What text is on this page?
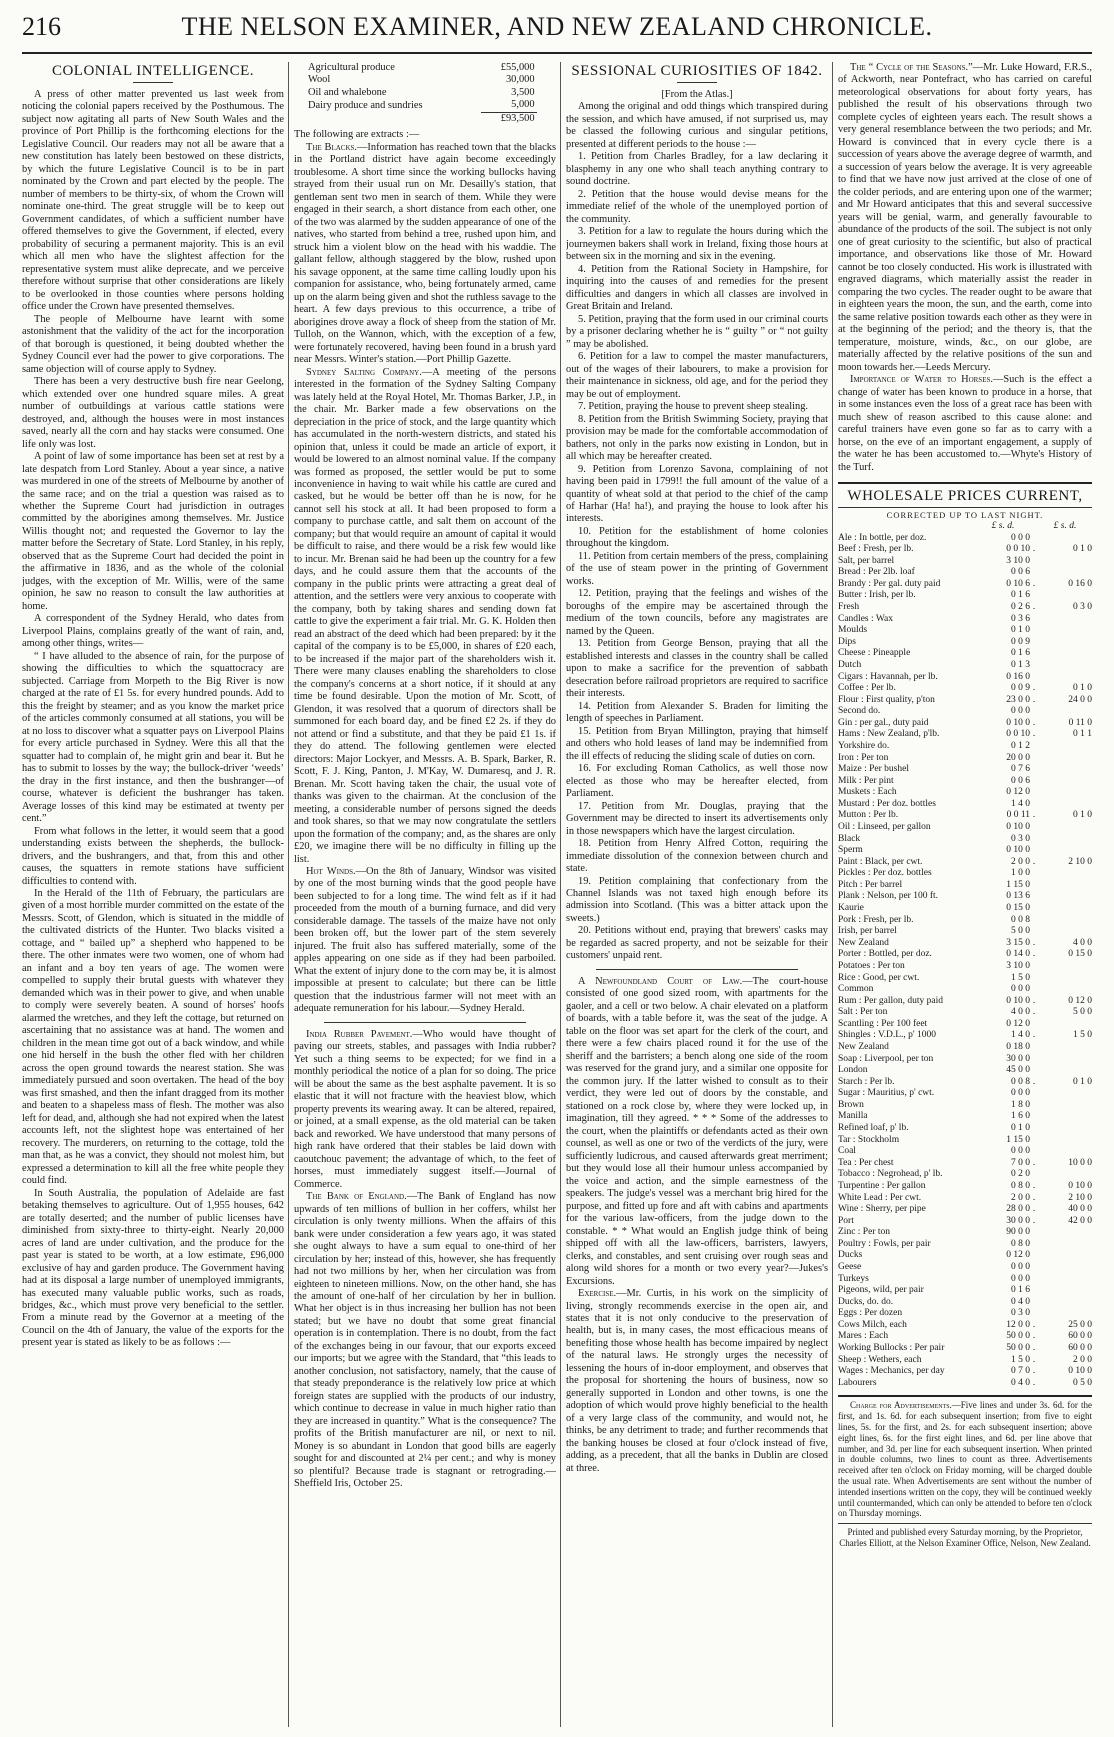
216	THE NELSON EXAMINER, AND NEW ZEALAND CHRONICLE.
COLONIAL INTELLIGENCE.

A press of other matter prevented us last week from noticing the colonial papers received by the Posthumous. The subject now agitating all parts of New South Wales and the province of Port Phillip is the forthcoming elections for the Legislative Council. Our readers may not all be aware that a new constitution has lately been bestowed on these districts, by which the future Legislative Council is to be in part nominated by the Crown and part elected by the people. The number of members to be thirty-six, of whom the Crown will nominate one-third. The great struggle will be to keep out Government candidates, of which a sufficient number have offered themselves to give the Government, if elected, every probability of securing a permanent majority. This is an evil which all men who have the slightest affection for the representative system must alike deprecate, and we perceive therefore without surprise that other considerations are likely to be overlooked in those counties where persons holding office under the Crown have presented themselves.

The people of Melbourne have learnt with some astonishment that the validity of the act for the incorporation of that borough is questioned, it being doubted whether the Sydney Council ever had the power to give corporations. The same objection will of course apply to Sydney.

There has been a very destructive bush fire near Geelong, which extended over one hundred square miles. A great number of outbuildings at various cattle stations were destroyed, and, although the houses were in most instances saved, nearly all the corn and hay stacks were consumed. One life only was lost.

A point of law of some importance has been set at rest by a late despatch from Lord Stanley. About a year since, a native was murdered in one of the streets of Melbourne by another of the same race; and on the trial a question was raised as to whether the Supreme Court had jurisdiction in outrages committed by the aborigines among themselves. Mr. Justice Willis thought not; and requested the Governor to lay the matter before the Secretary of State. Lord Stanley, in his reply, observed that as the Supreme Court had decided the point in the affirmative in 1836, and as the whole of the colonial judges, with the exception of Mr. Willis, were of the same opinion, he saw no reason to consult the law authorities at home.

A correspondent of the Sydney Herald, who dates from Liverpool Plains, complains greatly of the want of rain, and, among other things, writes—

“ I have alluded to the absence of rain, for the purpose of showing the difficulties to which the squattocracy are subjected. Carriage from Morpeth to the Big River is now charged at the rate of £1 5s. for every hundred pounds. Add to this the freight by steamer; and as you know the market price of the articles commonly consumed at all stations, you will be at no loss to discover what a squatter pays on Liverpool Plains for every article purchased in Sydney. Were this all that the squatter had to complain of, he might grin and bear it. But he has to submit to losses by the way; the bullock-driver ‘weeds’ the dray in the first instance, and then the bushranger—of course, whatever is deficient the bushranger has taken. Average losses of this kind may be estimated at twenty per cent.”

From what follows in the letter, it would seem that a good understanding exists between the shepherds, the bullock-drivers, and the bushrangers, and that, from this and other causes, the squatters in remote stations have sufficient difficulties to contend with.

In the Herald of the 11th of February, the particulars are given of a most horrible murder committed on the estate of the Messrs. Scott, of Glendon, which is situated in the middle of the cultivated districts of the Hunter. Two blacks visited a cottage, and “ bailed up” a shepherd who happened to be there. The other inmates were two women, one of whom had an infant and a boy ten years of age. The women were compelled to supply their brutal guests with whatever they demanded which was in their power to give, and when unable to comply were severely beaten. A sound of horses' hoofs alarmed the wretches, and they left the cottage, but returned on ascertaining that no assistance was at hand. The women and children in the mean time got out of a back window, and while one hid herself in the bush the other fled with her children across the open ground towards the nearest station. She was immediately pursued and soon overtaken. The head of the boy was first smashed, and then the infant dragged from its mother and beaten to a shapeless mass of flesh. The mother was also left for dead, and, although she had not expired when the latest accounts left, not the slightest hope was entertained of her recovery. The murderers, on returning to the cottage, told the man that, as he was a convict, they should not molest him, but expressed a determination to kill all the free white people they could find.

In South Australia, the population of Adelaide are fast betaking themselves to agriculture. Out of 1,955 houses, 642 are totally deserted; and the number of public licenses have diminished from sixty-three to thirty-eight. Nearly 20,000 acres of land are under cultivation, and the produce for the past year is stated to be worth, at a low estimate, £96,000 exclusive of hay and garden produce. The Government having had at its disposal a large number of unemployed immigrants, has executed many valuable public works, such as roads, bridges, &c., which must prove very beneficial to the settler. From a minute read by the Governor at a meeting of the Council on the 4th of January, the value of the exports for the present year is stated as likely to be as follows :—

Agricultural produce	£55,000
Wool	30,000
Oil and whalebone	3,500
Dairy produce and sundries	5,000
	£93,500

The following are extracts :—

The Blacks.—Information has reached town that the blacks in the Portland district have again become exceedingly troublesome. A short time since the working bullocks having strayed from their usual run on Mr. Desailly's station, that gentleman sent two men in search of them. While they were engaged in their search, a short distance from each other, one of the two was alarmed by the sudden appearance of one of the natives, who started from behind a tree, rushed upon him, and struck him a violent blow on the head with his waddie. The gallant fellow, although staggered by the blow, rushed upon his savage opponent, at the same time calling loudly upon his companion for assistance, who, being fortunately armed, came up on the alarm being given and shot the ruthless savage to the heart. A few days previous to this occurrence, a tribe of aborigines drove away a flock of sheep from the station of Mr. Tulloh, on the Wannon, which, with the exception of a few, were fortunately recovered, having been found in a brush yard near Messrs. Winter's station.—Port Phillip Gazette.

Sydney Salting Company.—A meeting of the persons interested in the formation of the Sydney Salting Company was lately held at the Royal Hotel, Mr. Thomas Barker, J.P., in the chair. Mr. Barker made a few observations on the depreciation in the price of stock, and the large quantity which has accumulated in the north-western districts, and stated his opinion that, unless it could be made an article of export, it would be lowered to an almost nominal value. If the company was formed as proposed, the settler would be put to some inconvenience in having to wait while his cattle are cured and casked, but he would be better off than he is now, for he cannot sell his stock at all. It had been proposed to form a company to purchase cattle, and salt them on account of the company; but that would require an amount of capital it would be difficult to raise, and there would be a risk few would like to incur. Mr. Brenan said he had been up the country for a few days, and he could assure them that the accounts of the company in the public prints were attracting a great deal of attention, and the settlers were very anxious to cooperate with the company, both by taking shares and sending down fat cattle to give the experiment a fair trial. Mr. G. K. Holden then read an abstract of the deed which had been prepared: by it the capital of the company is to be £5,000, in shares of £20 each, to be increased if the major part of the shareholders wish it. There were many clauses enabling the shareholders to close the company's concerns at a short notice, if it should at any time be found desirable. Upon the motion of Mr. Scott, of Glendon, it was resolved that a quorum of directors shall be summoned for each board day, and be fined £2 2s. if they do not attend or find a substitute, and that they be paid £1 1s. if they do attend. The following gentlemen were elected directors: Major Lockyer, and Messrs. A. B. Spark, Barker, R. Scott, F. J. King, Panton, J. M'Kay, W. Dumaresq, and J. R. Brenan. Mr. Scott having taken the chair, the usual vote of thanks was given to the chairman. At the conclusion of the meeting, a considerable number of persons signed the deeds and took shares, so that we may now congratulate the settlers upon the formation of the company; and, as the shares are only £20, we imagine there will be no difficulty in filling up the list.

Hot Winds.—On the 8th of January, Windsor was visited by one of the most burning winds that the good people have been subjected to for a long time. The wind felt as if it had proceeded from the mouth of a burning furnace, and did very considerable damage. The tassels of the maize have not only been broken off, but the lower part of the stem severely injured. The fruit also has suffered materially, some of the apples appearing on one side as if they had been parboiled. What the extent of injury done to the corn may be, it is almost impossible at present to calculate; but there can be little question that the industrious farmer will not meet with an adequate remuneration for his labour.—Sydney Herald.

India Rubber Pavement.—Who would have thought of paving our streets, stables, and passages with India rubber? Yet such a thing seems to be expected; for we find in a monthly periodical the notice of a plan for so doing. The price will be about the same as the best asphalte pavement. It is so elastic that it will not fracture with the heaviest blow, which property prevents its wearing away. It can be altered, repaired, or joined, at a small expense, as the old material can be taken back and reworked. We have understood that many persons of high rank have ordered that their stables be laid down with caoutchouc pavement; the advantage of which, to the feet of horses, must immediately suggest itself.—Journal of Commerce.

The Bank of England.—The Bank of England has now upwards of ten millions of bullion in her coffers, whilst her circulation is only twenty millions. When the affairs of this bank were under consideration a few years ago, it was stated she ought always to have a sum equal to one-third of her circulation by her; instead of this, however, she has frequently had not two millions by her, when her circulation was from eighteen to nineteen millions. Now, on the other hand, she has the amount of one-half of her circulation by her in bullion. What her object is in thus increasing her bullion has not been stated; but we have no doubt that some great financial operation is in contemplation. There is no doubt, from the fact of the exchanges being in our favour, that our exports exceed our imports; but we agree with the Standard, that “this leads to another conclusion, not satisfactory, namely, that the cause of that steady preponderance is the relatively low price at which foreign states are supplied with the products of our industry, which continue to decrease in value in much higher ratio than they are increased in quantity.” What is the consequence? The profits of the British manufacturer are nil, or next to nil. Money is so abundant in London that good bills are eagerly sought for and discounted at 2¼ per cent.; and why is money so plentiful? Because trade is stagnant or retrograding.—Sheffield Iris, October 25.

SESSIONAL CURIOSITIES OF 1842.

[From the Atlas.]

Among the original and odd things which transpired during the session, and which have amused, if not surprised us, may be classed the following curious and singular petitions, presented at different periods to the house :—

1. Petition from Charles Bradley, for a law declaring it blasphemy in any one who shall teach anything contrary to sound doctrine.

2. Petition that the house would devise means for the immediate relief of the whole of the unemployed portion of the community.

3. Petition for a law to regulate the hours during which the journeymen bakers shall work in Ireland, fixing those hours at between six in the morning and six in the evening.

4. Petition from the Rational Society in Hampshire, for inquiring into the causes of and remedies for the present difficulties and dangers in which all classes are involved in Great Britain and Ireland.

5. Petition, praying that the form used in our criminal courts by a prisoner declaring whether he is “ guilty ” or “ not guilty ” may be abolished.

6. Petition for a law to compel the master manufacturers, out of the wages of their labourers, to make a provision for their maintenance in sickness, old age, and for the period they may be out of employment.

7. Petition, praying the house to prevent sheep stealing.

8. Petition from the British Swimming Society, praying that provision may be made for the comfortable accommodation of bathers, not only in the parks now existing in London, but in all which may be hereafter created.

9. Petition from Lorenzo Savona, complaining of not having been paid in 1799!! the full amount of the value of a quantity of wheat sold at that period to the chief of the camp of Harhar (Ha! ha!), and praying the house to look after his interests.

10. Petition for the establishment of home colonies throughout the kingdom.

11. Petition from certain members of the press, complaining of the use of steam power in the printing of Government works.

12. Petition, praying that the feelings and wishes of the boroughs of the empire may be ascertained through the medium of the town councils, before any magistrates are named by the Queen.

13. Petition from George Benson, praying that all the established interests and classes in the country shall be called upon to make a sacrifice for the prevention of sabbath desecration before railroad proprietors are required to sacrifice their interests.

14. Petition from Alexander S. Braden for limiting the length of speeches in Parliament.

15. Petition from Bryan Millington, praying that himself and others who hold leases of land may be indemnified from the ill effects of reducing the sliding scale of duties on corn.

16. For excluding Roman Catholics, as well those now elected as those who may be hereafter elected, from Parliament.

17. Petition from Mr. Douglas, praying that the Government may be directed to insert its advertisements only in those newspapers which have the largest circulation.

18. Petition from Henry Alfred Cotton, requiring the immediate dissolution of the connexion between church and state.

19. Petition complaining that confectionary from the Channel Islands was not taxed high enough before its admission into Scotland. (This was a bitter attack upon the sweets.)

20. Petitions without end, praying that brewers' casks may be regarded as sacred property, and not be seizable for their customers' unpaid rent.

A Newfoundland Court of Law.—The court-house consisted of one good sized room, with apartments for the gaoler, and a cell or two below. A chair elevated on a platform of boards, with a table before it, was the seat of the judge. A table on the floor was set apart for the clerk of the court, and there were a few chairs placed round it for the use of the sheriff and the barristers; a bench along one side of the room was reserved for the grand jury, and a similar one opposite for the common jury. If the latter wished to consult as to their verdict, they were led out of doors by the constable, and stationed on a rock close by, where they were locked up, in imagination, till they agreed. * * * Some of the addresses to the court, when the plaintiffs or defendants acted as their own counsel, as well as one or two of the verdicts of the jury, were sufficiently ludicrous, and caused afterwards great merriment; but they would lose all their humour unless accompanied by the voice and action, and the simple earnestness of the speakers. The judge's vessel was a merchant brig hired for the purpose, and fitted up fore and aft with cabins and apartments for the various law-officers, from the judge down to the constable. * * What would an English judge think of being shipped off with all the law-officers, barristers, lawyers, clerks, and constables, and sent cruising over rough seas and along wild shores for a month or two every year?—Jukes's Excursions.

Exercise.—Mr. Curtis, in his work on the simplicity of living, strongly recommends exercise in the open air, and states that it is not only conducive to the preservation of health, but is, in many cases, the most efficacious means of benefiting those whose health has become impaired by neglect of the natural laws. He strongly urges the necessity of lessening the hours of in-door employment, and observes that the proposal for shortening the hours of business, now so generally supported in London and other towns, is one the adoption of which would prove highly beneficial to the health of a very large class of the community, and would not, he thinks, be any detriment to trade; and further recommends that the banking houses be closed at four o'clock instead of five, adding, as a precedent, that all the banks in Dublin are closed at three.

The “ Cycle of the Seasons.”—Mr. Luke Howard, F.R.S., of Ackworth, near Pontefract, who has carried on careful meteorological observations for about forty years, has published the result of his observations through two complete cycles of eighteen years each. The result shows a very general resemblance between the two periods; and Mr. Howard is convinced that in every cycle there is a succession of years above the average degree of warmth, and a succession of years below the average. It is very agreeable to find that we have now just arrived at the close of one of the colder periods, and are entering upon one of the warmer; and Mr Howard anticipates that this and several successive years will be genial, warm, and generally favourable to abundance of the products of the soil. The subject is not only one of great curiosity to the scientific, but also of practical importance, and observations like those of Mr. Howard cannot be too closely conducted. His work is illustrated with engraved diagrams, which materially assist the reader in comparing the two cycles. The reader ought to be aware that in eighteen years the moon, the sun, and the earth, come into the same relative position towards each other as they were in at the beginning of the period; and the theory is, that the temperature, moisture, winds, &c., on our globe, are materially affected by the relative positions of the sun and moon towards her.—Leeds Mercury.

Importance of Water to Horses.—Such is the effect a change of water has been known to produce in a horse, that in some instances even the loss of a great race has been with much shew of reason ascribed to this cause alone: and careful trainers have even gone so far as to carry with a horse, on the eve of an important engagement, a supply of the water he has been accustomed to.—Whyte's History of the Turf.

WHOLESALE PRICES CURRENT,
CORRECTED UP TO LAST NIGHT.
£ s. d.	£ s. d.
Ale : In bottle, per doz.	0 0 0
Beef : Fresh, per lb.	0 0 10 .	0 1 0
Salt, per barrel	3 10 0
Bread : Per 2lb. loaf	0 0 6
Brandy : Per gal. duty paid	0 10 6 .	0 16 0
Butter : Irish, per lb.	0 1 6
Fresh	0 2 6 .	0 3 0
Candles : Wax	0 3 6
Moulds	0 1 0
Dips	0 0 9
Cheese : Pineapple	0 1 6
Dutch	0 1 3
Cigars : Havannah, per lb.	0 16 0
Coffee : Per lb.	0 0 9 .	0 1 0
Flour : First quality, p'ton	23 0 0 .	24 0 0
Second do.	0 0 0
Gin : per gal., duty paid	0 10 0 .	0 11 0
Hams : New Zealand, p'lb.	0 0 10 .	0 1 1
Yorkshire do.	0 1 2
Iron : Per ton	20 0 0
Maize : Per bushel	0 7 6
Milk : Per pint	0 0 6
Muskets : Each	0 12 0
Mustard : Per doz. bottles	1 4 0
Mutton : Per lb.	0 0 11 .	0 1 0
Oil : Linseed, per gallon	0 10 0
Black	0 3 0
Sperm	0 10 0
Paint : Black, per cwt.	2 0 0 .	2 10 0
Pickles : Per doz. bottles	1 0 0
Pitch : Per barrel	1 15 0
Plank : Nelson, per 100 ft.	0 13 6
Kaurie	0 15 0
Pork : Fresh, per lb.	0 0 8
Irish, per barrel	5 0 0
New Zealand	3 15 0 .	4 0 0
Porter : Bottled, per doz.	0 14 0 .	0 15 0
Potatoes : Per ton	3 10 0
Rice : Good, per cwt.	1 5 0
Common	0 0 0
Rum : Per gallon, duty paid	0 10 0 .	0 12 0
Salt : Per ton	4 0 0 .	5 0 0
Scantling : Per 100 feet	0 12 0
Shingles : V.D.L., p' 1000	1 4 0 .	1 5 0
New Zealand	0 18 0
Soap : Liverpool, per ton	30 0 0
London	45 0 0
Starch : Per lb.	0 0 8 .	0 1 0
Sugar : Mauritius, p' cwt.	0 0 0
Brown	1 8 0
Manilla	1 6 0
Refined loaf, p' lb.	0 1 0
Tar : Stockholm	1 15 0
Coal	0 0 0
Tea : Per chest	7 0 0 .	10 0 0
Tobacco : Negrohead, p' lb.	0 2 0
Turpentine : Per gallon	0 8 0 .	0 10 0
White Lead : Per cwt.	2 0 0 .	2 10 0
Wine : Sherry, per pipe	28 0 0 .	40 0 0
Port	30 0 0 .	42 0 0
Zinc : Per ton	90 0 0
Poultry : Fowls, per pair	0 8 0
Ducks	0 12 0
Geese	0 0 0
Turkeys	0 0 0
Pigeons, wild, per pair	0 1 6
Ducks, do. do.	0 4 0
Eggs : Per dozen	0 3 0
Cows Milch, each	12 0 0 .	25 0 0
Mares : Each	50 0 0 .	60 0 0
Working Bullocks : Per pair	50 0 0 .	60 0 0
Sheep : Wethers, each	1 5 0 .	2 0 0
Wages : Mechanics, per day	0 7 0 .	0 10 0
Labourers	0 4 0 .	0 5 0

Charge for Advertisements.—Five lines and under 3s. 6d. for the first, and 1s. 6d. for each subsequent insertion; from five to eight lines, 5s. for the first, and 2s. for each subsequent insertion; above eight lines, 6s. for the first eight lines, and 6d. per line above that number, and 3d. per line for each subsequent insertion. When printed in double columns, two lines to count as three. Advertisements received after ten o'clock on Friday morning, will be charged double the usual rate. When Advertisements are sent without the number of intended insertions written on the copy, they will be continued weekly until countermanded, which can only be attended to before ten o'clock on Thursday mornings.

Printed and published every Saturday morning, by the Proprietor, Charles Elliott, at the Nelson Examiner Office, Nelson, New Zealand.
